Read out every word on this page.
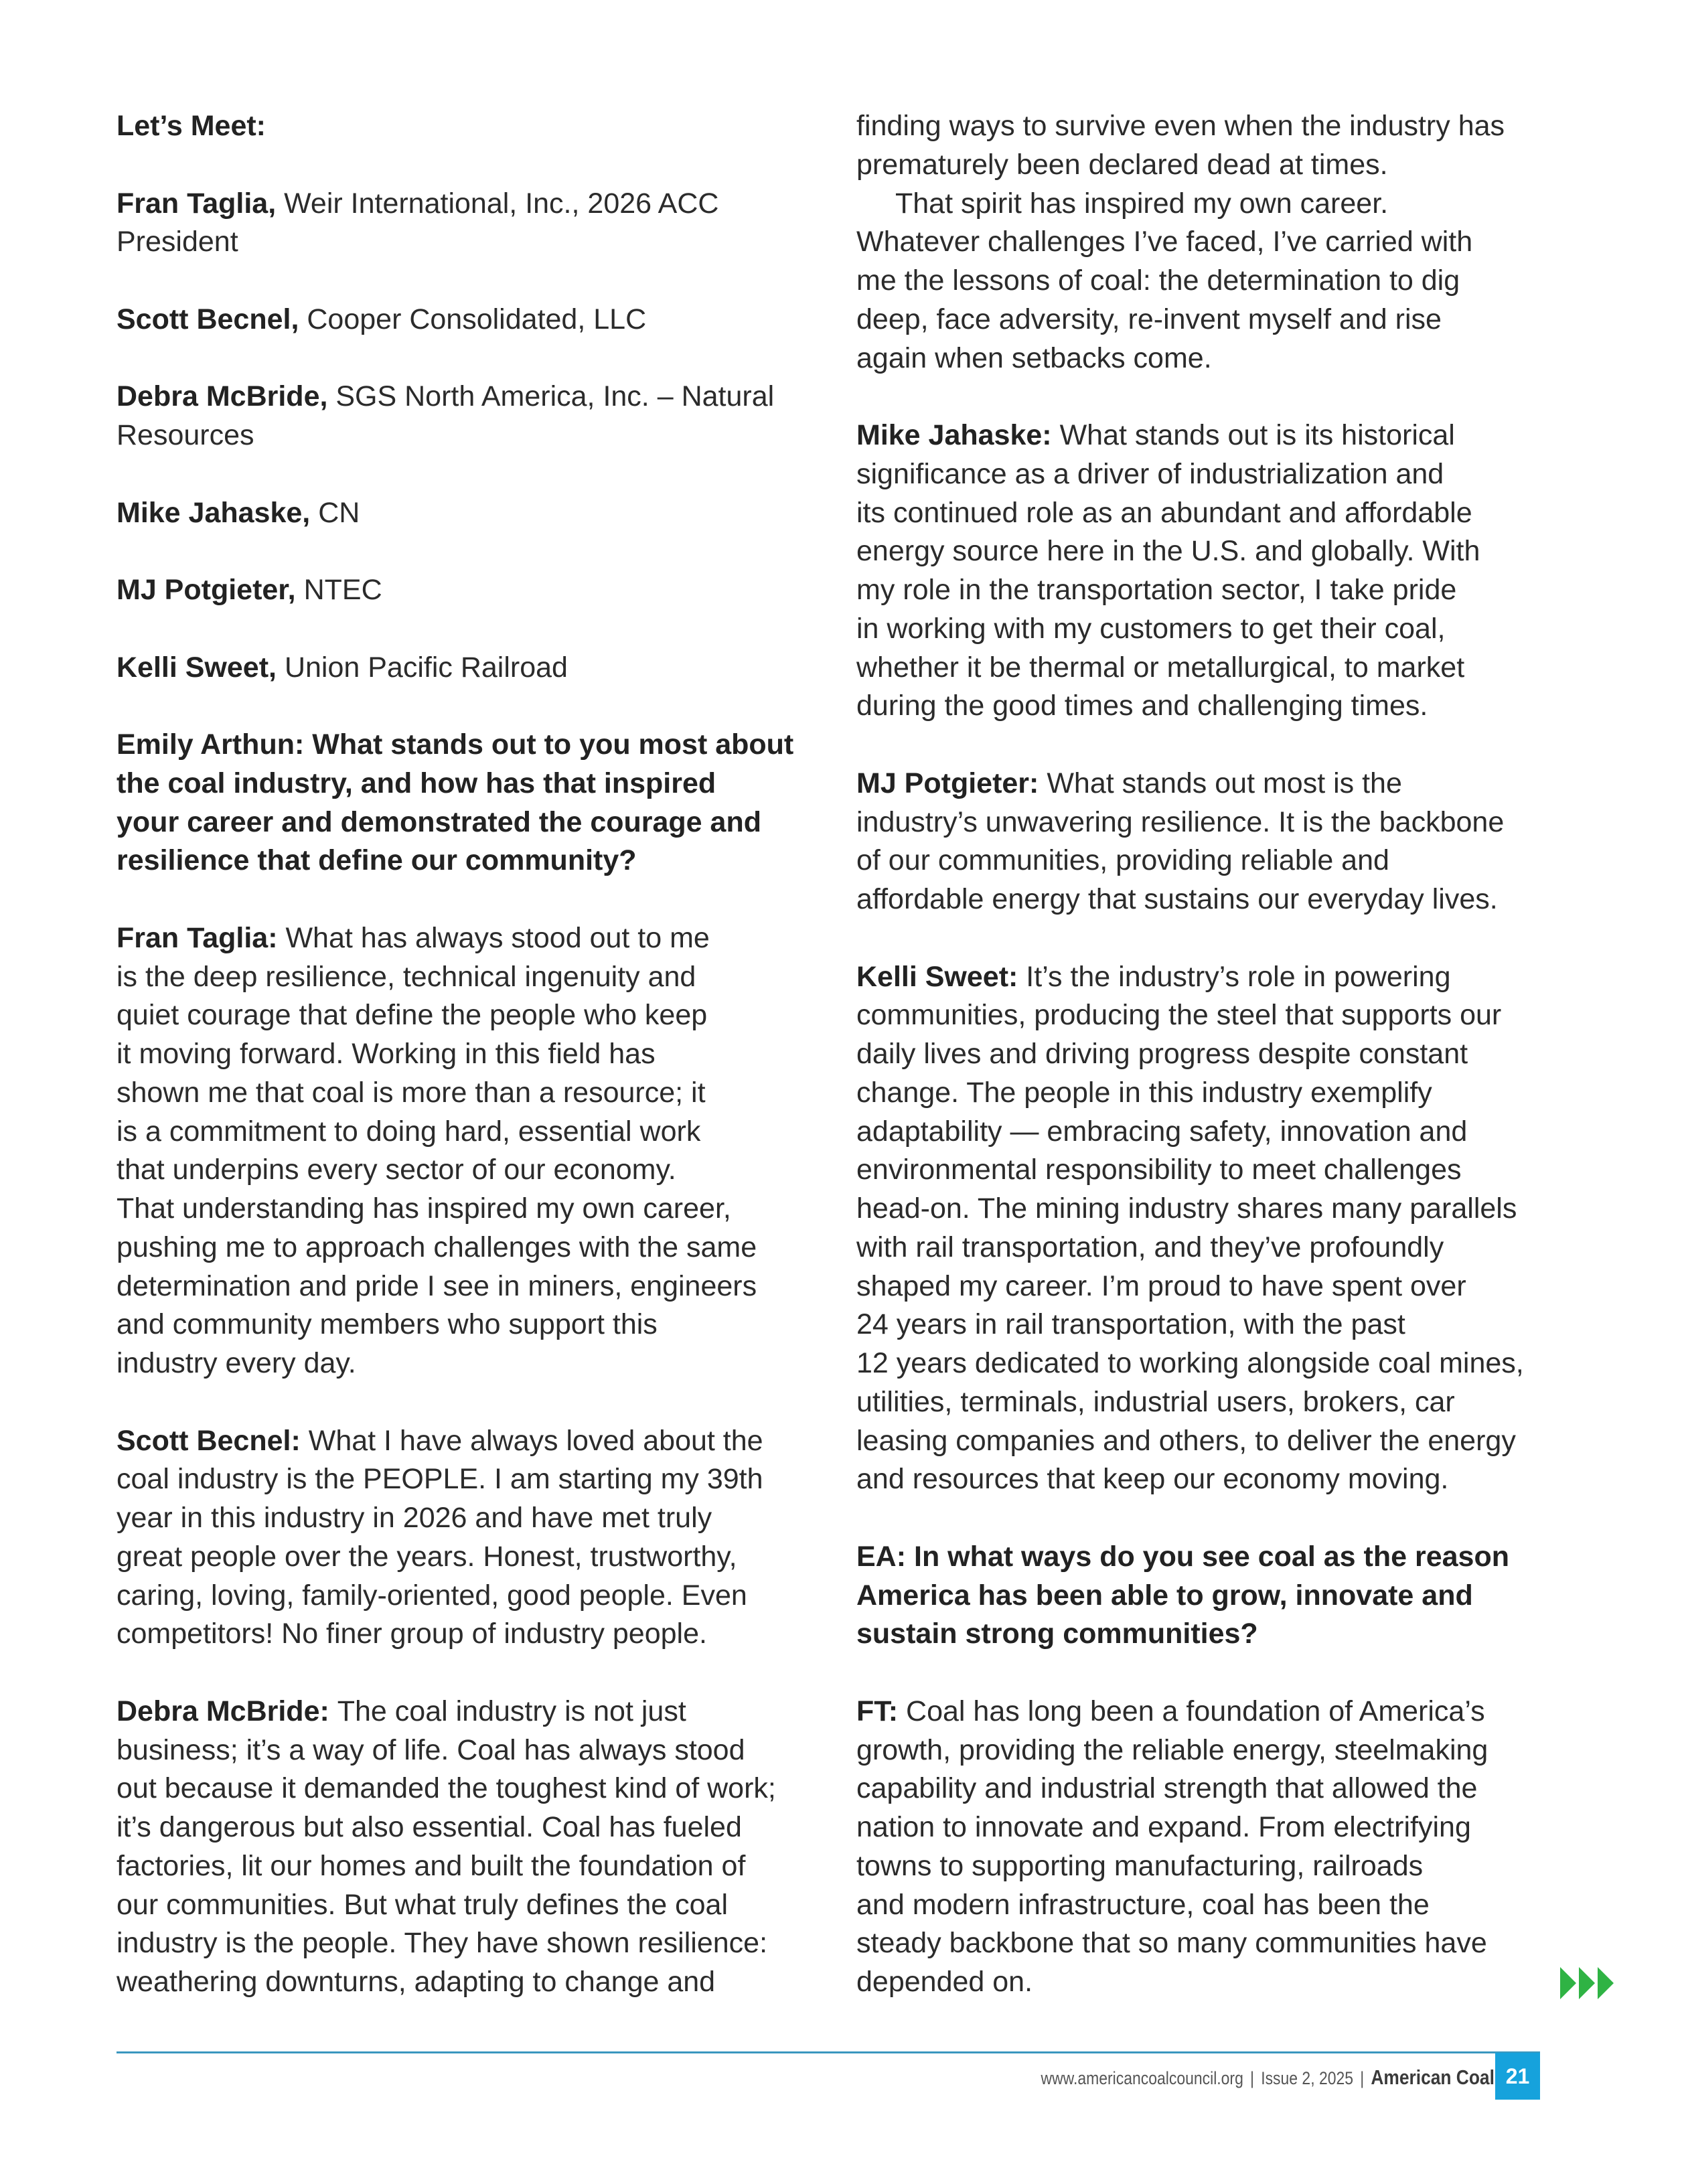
Let’s Meet:
Fran Taglia, Weir International, Inc., 2026 ACC
President
Scott Becnel, Cooper Consolidated, LLC
Debra McBride, SGS North America, Inc. – Natural
Resources
Mike Jahaske, CN
MJ Potgieter, NTEC
Kelli Sweet, Union Pacific Railroad
Emily Arthun: What stands out to you most about
the coal industry, and how has that inspired
your career and demonstrated the courage and
resilience that define our community?
Fran Taglia: What has always stood out to me
is the deep resilience, technical ingenuity and
quiet courage that define the people who keep
it moving forward. Working in this field has
shown me that coal is more than a resource; it
is a commitment to doing hard, essential work
that underpins every sector of our economy.
That understanding has inspired my own career,
pushing me to approach challenges with the same
determination and pride I see in miners, engineers
and community members who support this
industry every day.
Scott Becnel: What I have always loved about the
coal industry is the PEOPLE. I am starting my 39th
year in this industry in 2026 and have met truly
great people over the years. Honest, trustworthy,
caring, loving, family-oriented, good people. Even
competitors! No finer group of industry people.
Debra McBride: The coal industry is not just
business; it’s a way of life. Coal has always stood
out because it demanded the toughest kind of work;
it’s dangerous but also essential. Coal has fueled
factories, lit our homes and built the foundation of
our communities. But what truly defines the coal
industry is the people. They have shown resilience:
weathering downturns, adapting to change and
finding ways to survive even when the industry has
prematurely been declared dead at times.
That spirit has inspired my own career.
Whatever challenges I’ve faced, I’ve carried with
me the lessons of coal: the determination to dig
deep, face adversity, re-invent myself and rise
again when setbacks come.
Mike Jahaske: What stands out is its historical
significance as a driver of industrialization and
its continued role as an abundant and affordable
energy source here in the U.S. and globally. With
my role in the transportation sector, I take pride
in working with my customers to get their coal,
whether it be thermal or metallurgical, to market
during the good times and challenging times.
MJ Potgieter: What stands out most is the
industry’s unwavering resilience. It is the backbone
of our communities, providing reliable and
affordable energy that sustains our everyday lives.
Kelli Sweet: It’s the industry’s role in powering
communities, producing the steel that supports our
daily lives and driving progress despite constant
change. The people in this industry exemplify
adaptability — embracing safety, innovation and
environmental responsibility to meet challenges
head-on. The mining industry shares many parallels
with rail transportation, and they’ve profoundly
shaped my career. I’m proud to have spent over
24 years in rail transportation, with the past
12 years dedicated to working alongside coal mines,
utilities, terminals, industrial users, brokers, car
leasing companies and others, to deliver the energy
and resources that keep our economy moving.
EA: In what ways do you see coal as the reason
America has been able to grow, innovate and
sustain strong communities?
FT: Coal has long been a foundation of America’s
growth, providing the reliable energy, steelmaking
capability and industrial strength that allowed the
nation to innovate and expand. From electrifying
towns to supporting manufacturing, railroads
and modern infrastructure, coal has been the
steady backbone that so many communities have
depended on.
www.americancoalcouncil.org | Issue 2, 2025 | American Coal 21
